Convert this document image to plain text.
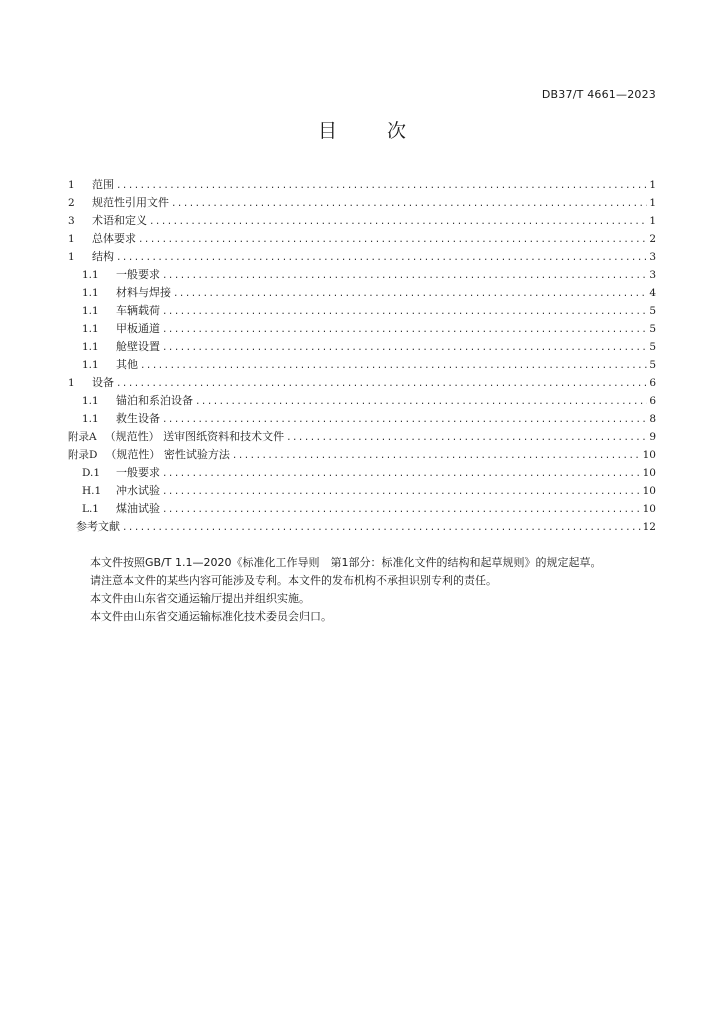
DB37/T 4661—2023
目 次
1	范围 .....	1
2	规范性引用文件 .....	1
3	术语和定义 .....	1
1	总体要求 .....	2
1	结构 .....	3
1.1	一般要求 .....	3
1.1	材料与焊接 .....	4
1.1	车辆载荷 .....	5
1.1	甲板通道 .....	5
1.1	舱壁设置 .....	5
1.1	其他 .....	5
1	设备 .....	6
1.1	锚泊和系泊设备 .....	6
1.1	救生设备 .....	8
附录A （规范性） 送审图纸资料和技术文件 .....	9
附录D （规范性） 密性试验方法 .....	10
D.1	一般要求 .....	10
H.1	冲水试验 .....	10
L.1	煤油试验 .....	10
参考文献 .....	12

本文件按照GB/T 1.1—2020《标准化工作导则　第1部分：标准化文件的结构和起草规则》的规定起草。

请注意本文件的某些内容可能涉及专利。本文件的发布机构不承担识别专利的责任。

本文件由山东省交通运输厅提出并组织实施。

本文件由山东省交通运输标准化技术委员会归口。
